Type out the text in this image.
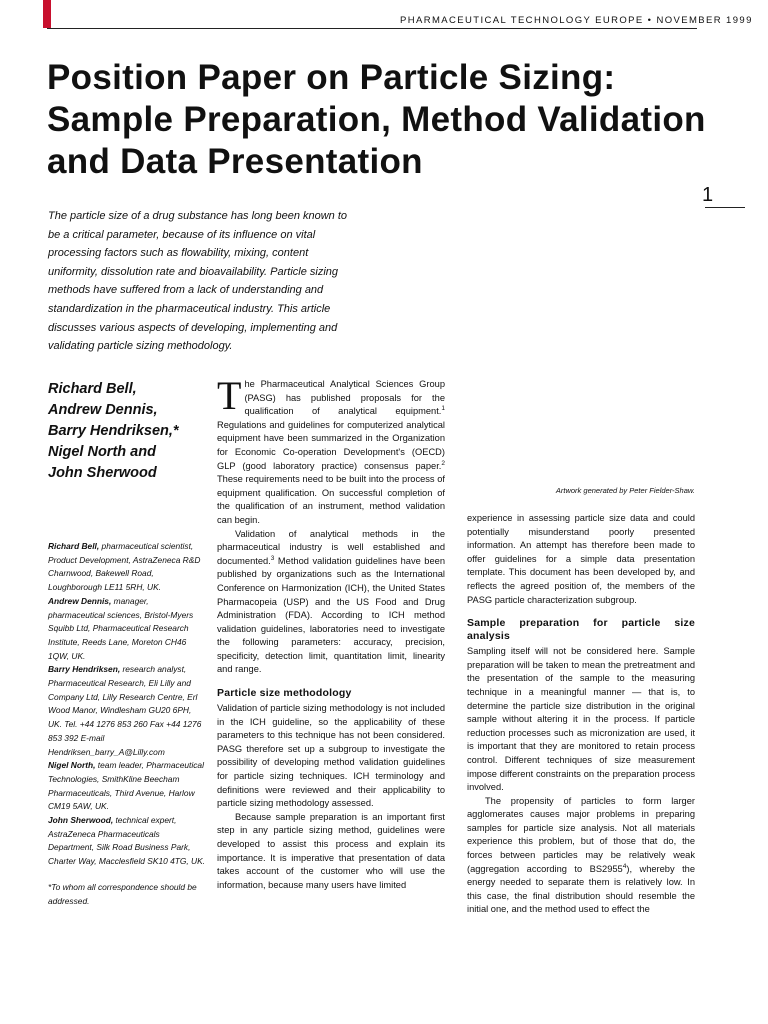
PHARMACEUTICAL TECHNOLOGY EUROPE • NOVEMBER 1999
Position Paper on Particle Sizing: Sample Preparation, Method Validation and Data Presentation
1

The particle size of a drug substance has long been known to be a critical parameter, because of its influence on vital processing factors such as flowability, mixing, content uniformity, dissolution rate and bioavailability. Particle sizing methods have suffered from a lack of understanding and standardization in the pharmaceutical industry. This article discusses various aspects of developing, implementing and validating particle sizing methodology.

Richard Bell,
Andrew Dennis,
Barry Hendriksen,*
Nigel North and
John Sherwood

Richard Bell, pharmaceutical scientist, Product Development, AstraZeneca R&D Charnwood, Bakewell Road, Loughborough LE11 5RH, UK.

Andrew Dennis, manager, pharmaceutical sciences, Bristol-Myers Squibb Ltd, Pharmaceutical Research Institute, Reeds Lane, Moreton CH46 1QW, UK.

Barry Hendriksen, research analyst, Pharmaceutical Research, Eli Lilly and Company Ltd, Lilly Research Centre, Erl Wood Manor, Windlesham GU20 6PH, UK. Tel. +44 1276 853 260 Fax +44 1276 853 392 E-mail Hendriksen_barry_A@Lilly.com

Nigel North, team leader, Pharmaceutical Technologies, SmithKline Beecham Pharmaceuticals, Third Avenue, Harlow CM19 5AW, UK.

John Sherwood, technical expert, AstraZeneca Pharmaceuticals Department, Silk Road Business Park, Charter Way, Macclesfield SK10 4TG, UK.

*To whom all correspondence should be addressed.

Artwork generated by Peter Fielder-Shaw.

The Pharmaceutical Analytical Sciences Group (PASG) has published proposals for the qualification of analytical equipment.$^1$ Regulations and guidelines for computerized analytical equipment have been summarized in the Organization for Economic Co-operation Development's (OECD) GLP (good laboratory practice) consensus paper.$^2$ These requirements need to be built into the process of equipment qualification. On successful completion of the qualification of an instrument, method validation can begin.

Validation of analytical methods in the pharmaceutical industry is well established and documented.$^3$ Method validation guidelines have been published by organizations such as the International Conference on Harmonization (ICH), the United States Pharmacopeia (USP) and the US Food and Drug Administration (FDA). According to ICH method validation guidelines, laboratories need to investigate the following parameters: accuracy, precision, specificity, detection limit, quantitation limit, linearity and range.

Particle size methodology

Validation of particle sizing methodology is not included in the ICH guideline, so the applicability of these parameters to this technique has not been considered. PASG therefore set up a subgroup to investigate the possibility of developing method validation guidelines for particle sizing techniques. ICH terminology and definitions were reviewed and their applicability to particle sizing methodology assessed.

Because sample preparation is an important first step in any particle sizing method, guidelines were developed to assist this process and explain its importance. It is imperative that presentation of data takes account of the customer who will use the information, because many users have limited

experience in assessing particle size data and could potentially misunderstand poorly presented information. An attempt has therefore been made to offer guidelines for a simple data presentation template. This document has been developed by, and reflects the agreed position of, the members of the PASG particle characterization subgroup.

Sample preparation for particle size analysis

Sampling itself will not be considered here. Sample preparation will be taken to mean the pretreatment and the presentation of the sample to the measuring technique in a meaningful manner — that is, to determine the particle size distribution in the original sample without altering it in the process. If particle reduction processes such as micronization are used, it is important that they are monitored to retain process control. Different techniques of size measurement impose different constraints on the preparation process involved.

The propensity of particles to form larger agglomerates causes major problems in preparing samples for particle size analysis. Not all materials experience this problem, but of those that do, the forces between particles may be relatively weak (aggregation according to BS2955$^4$), whereby the energy needed to separate them is relatively low. In this case, the final distribution should resemble the initial one, and the method used to effect the
